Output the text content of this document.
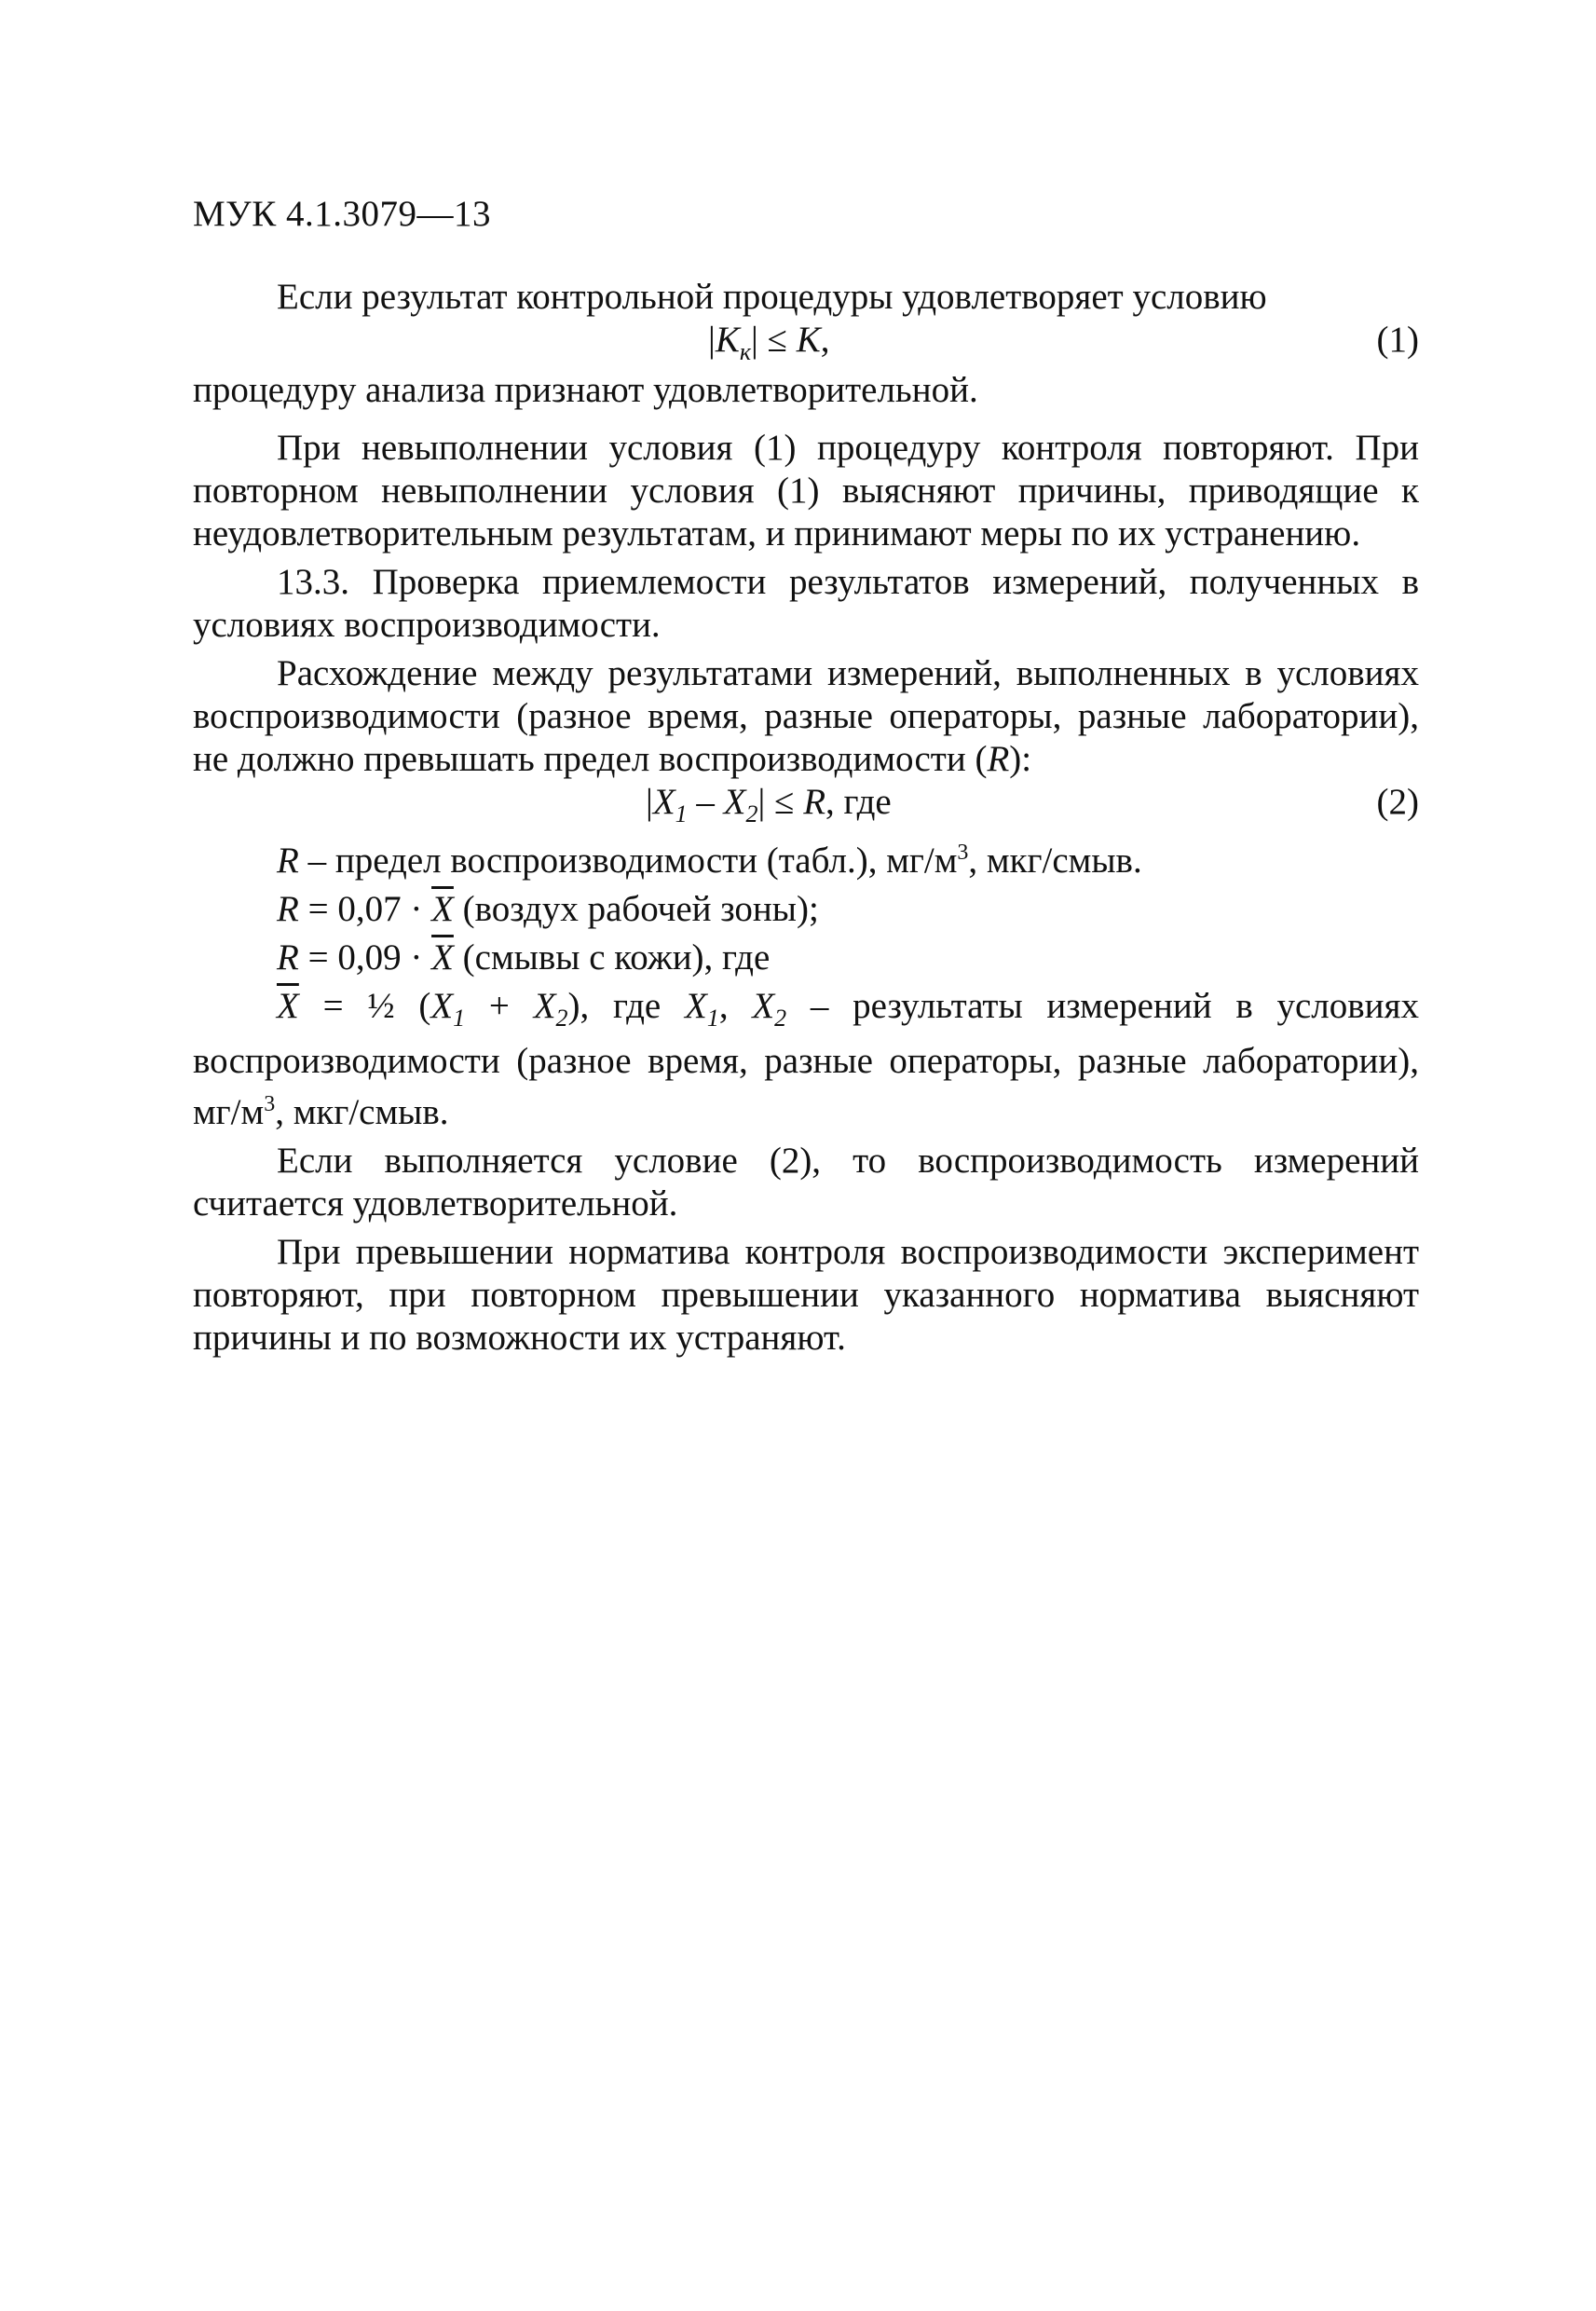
МУК 4.1.3079—13

Если результат контрольной процедуры удовлетворяет условию

$|K_к| \le K$,	(1)

процедуру анализа признают удовлетворительной.

При невыполнении условия (1) процедуру контроля повторяют. При повторном невыполнении условия (1) выясняют причины, приводящие к неудовлетворительным результатам, и принимают меры по их устранению.

13.3. Проверка приемлемости результатов измерений, полученных в условиях воспроизводимости.

Расхождение между результатами измерений, выполненных в условиях воспроизводимости (разное время, разные операторы, разные лаборатории), не должно превышать предел воспроизводимости (R):

$|X_1 - X_2| \le R$, где	(2)

R – предел воспроизводимости (табл.), $мг/м^3$, мкг/смыв.

$R = 0,07 \cdot \overline{X}$ (воздух рабочей зоны);

$R = 0,09 \cdot \overline{X}$ (смывы с кожи), где

$\overline{X}$ = ½ $(X_1 + X_2)$, где $X_1$, $X_2$ – результаты измерений в условиях воспроизводимости (разное время, разные операторы, разные лаборатории), $мг/м^3$, мкг/смыв.

Если выполняется условие (2), то воспроизводимость измерений считается удовлетворительной.

При превышении норматива контроля воспроизводимости эксперимент повторяют, при повторном превышении указанного норматива выясняют причины и по возможности их устраняют.
